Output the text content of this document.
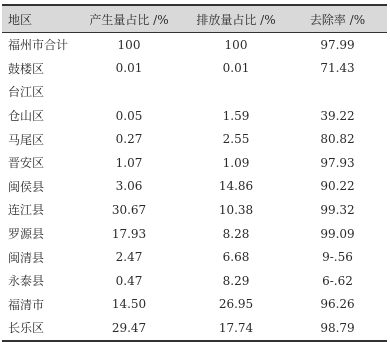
地区	产生量占比 /%	排放量占比 /%	去除率 /%
福州市合计	100	100	97.99
鼓楼区	0.01	0.01	71.43
台江区			
仓山区	0.05	1.59	39.22
马尾区	0.27	2.55	80.82
晋安区	1.07	1.09	97.93
闽侯县	3.06	14.86	90.22
连江县	30.67	10.38	99.32
罗源县	17.93	8.28	99.09
闽清县	2.47	6.68	9-.56
永泰县	0.47	8.29	6-.62
福清市	14.50	26.95	96.26
长乐区	29.47	17.74	98.79
